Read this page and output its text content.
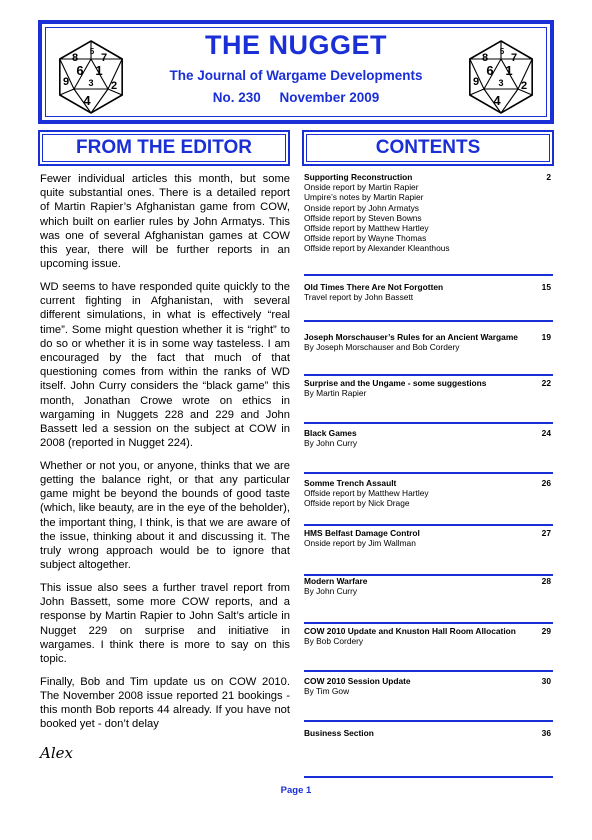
8
3
7
4
9
1
2
6
5	THE NUGGET
The Journal of Wargame Developments
No. 230     November 2009
8
3
7
4
9
1
2
6
5
FROM THE EDITOR	CONTENTS

Fewer individual articles this month, but some quite substantial ones. There is a detailed report of Martin Rapier’s Afghanistan game from COW, which built on earlier rules by John Armatys. This was one of several Afghanistan games at COW this year, there will be further reports in an upcoming issue.

WD seems to have responded quite quickly to the current fighting in Afghanistan, with several different simulations, in what is effectively “real time”. Some might question whether it is “right” to do so or whether it is in some way tasteless. I am encouraged by the fact that much of that questioning comes from within the ranks of WD itself. John Curry considers the “black game” this month, Jonathan Crowe wrote on ethics in wargaming in Nuggets 228 and 229 and John Bassett led a session on the subject at COW in 2008 (reported in Nugget 224).

Whether or not you, or anyone, thinks that we are getting the balance right, or that any particular game might be beyond the bounds of good taste (which, like beauty, are in the eye of the beholder), the important thing, I think, is that we are aware of the issue, thinking about it and discussing it. The truly wrong approach would be to ignore that subject altogether.

This issue also sees a further travel report from John Bassett, some more COW reports, and a response by Martin Rapier to John Salt’s article in Nugget 229 on surprise and initiative in wargames. I think there is more to say on this topic.

Finally, Bob and Tim update us on COW 2010. The November 2008 issue reported 21 bookings - this month Bob reports 44 already. If you have not booked yet - don’t delay

Alex
Supporting Reconstruction	2
Onside report by Martin Rapier
Umpire’s notes by Martin Rapier
Onside report by John Armatys
Offside report by Steven Bowns
Offside report by Matthew Hartley
Offside report by Wayne Thomas
Offside report by Alexander Kleanthous
Old Times There Are Not Forgotten	15
Travel report by John Bassett
Joseph Morschauser’s Rules for an Ancient Wargame	19
By Joseph Morschauser and Bob Cordery
Surprise and the Ungame - some suggestions	22
By Martin Rapier
Black Games	24
By John Curry
Somme Trench Assault	26
Offside report by Matthew Hartley
Offside report by Nick Drage
HMS Belfast Damage Control	27
Onside report by Jim Wallman
Modern Warfare	28
By John Curry
COW 2010 Update and Knuston Hall Room Allocation	29
By Bob Cordery
COW 2010 Session Update	30
By Tim Gow
Business Section	36
Page 1
